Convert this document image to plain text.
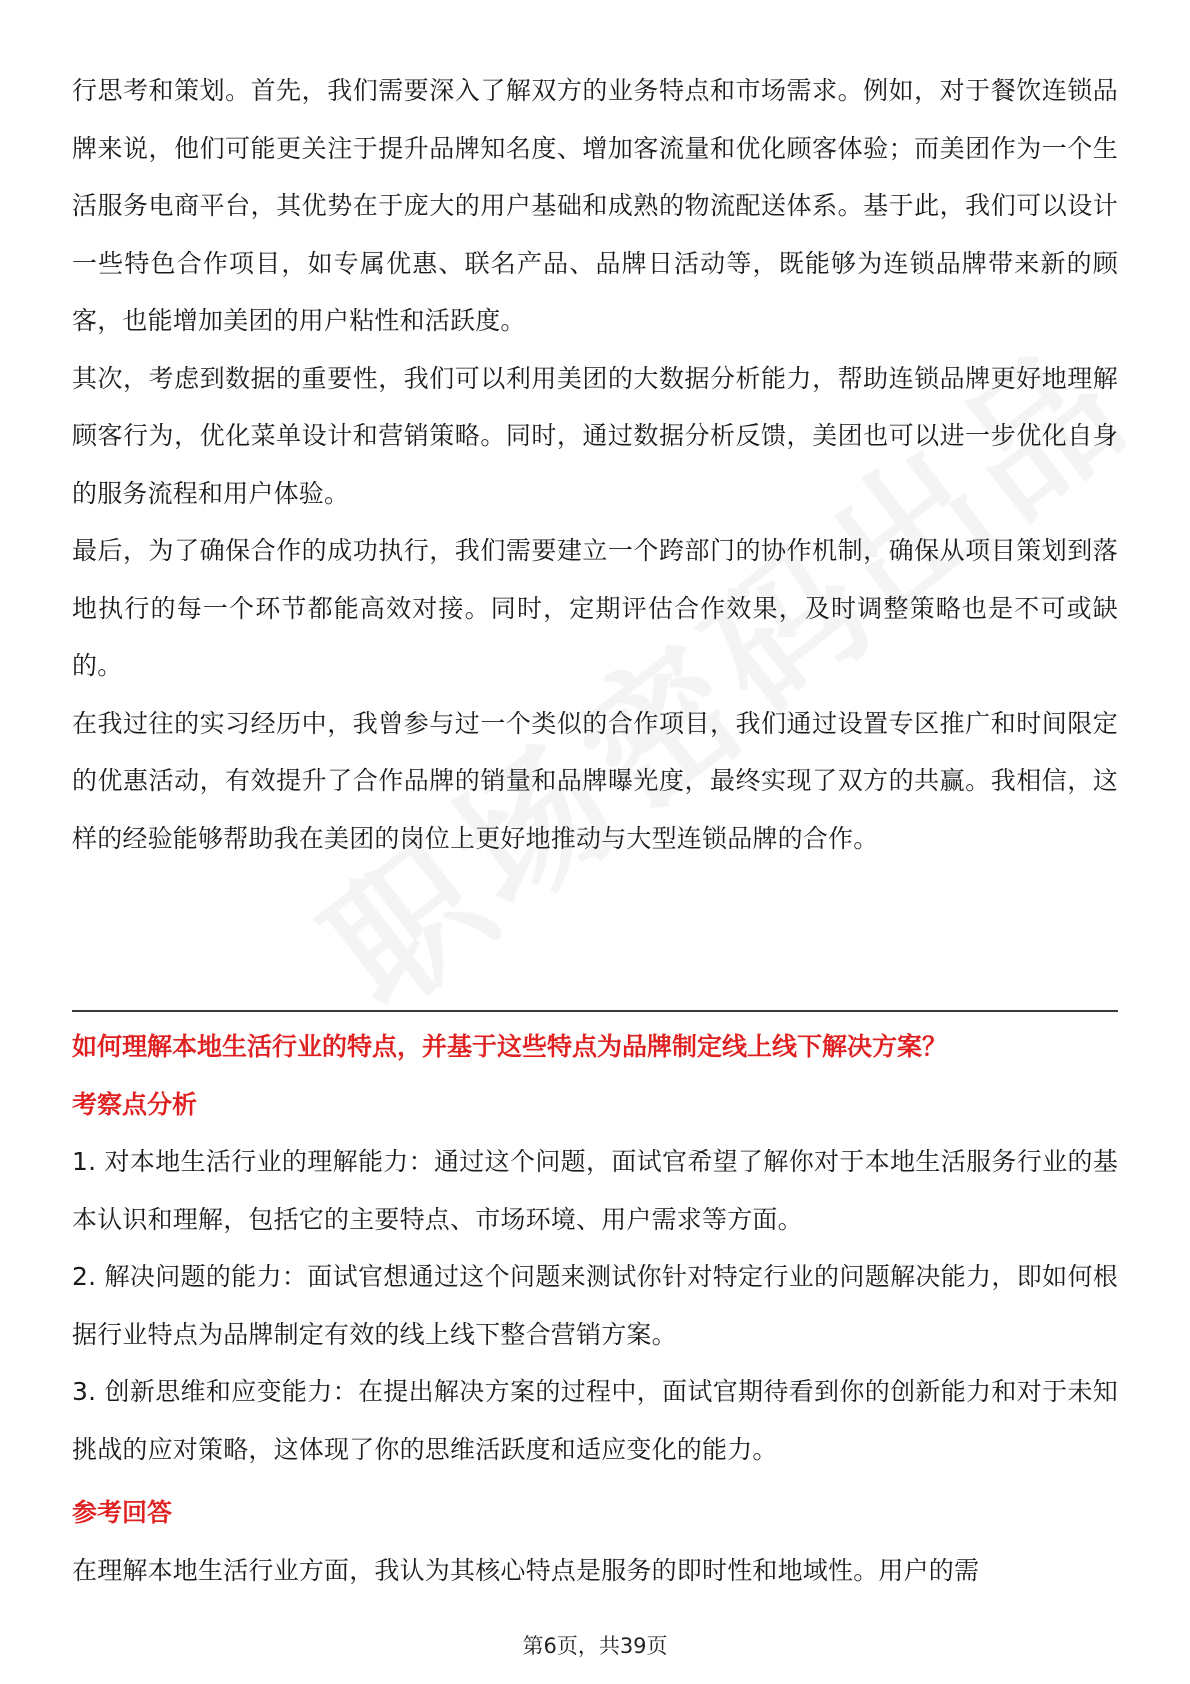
行思考和策划。首先，我们需要深入了解双方的业务特点和市场需求。例如，对于餐饮连锁品牌来说，他们可能更关注于提升品牌知名度、增加客流量和优化顾客体验；而美团作为一个生活服务电商平台，其优势在于庞大的用户基础和成熟的物流配送体系。基于此，我们可以设计一些特色合作项目，如专属优惠、联名产品、品牌日活动等，既能够为连锁品牌带来新的顾客，也能增加美团的用户粘性和活跃度。

其次，考虑到数据的重要性，我们可以利用美团的大数据分析能力，帮助连锁品牌更好地理解顾客行为，优化菜单设计和营销策略。同时，通过数据分析反馈，美团也可以进一步优化自身的服务流程和用户体验。

最后，为了确保合作的成功执行，我们需要建立一个跨部门的协作机制，确保从项目策划到落地执行的每一个环节都能高效对接。同时，定期评估合作效果，及时调整策略也是不可或缺的。

在我过往的实习经历中，我曾参与过一个类似的合作项目，我们通过设置专区推广和时间限定的优惠活动，有效提升了合作品牌的销量和品牌曝光度，最终实现了双方的共赢。我相信，这样的经验能够帮助我在美团的岗位上更好地推动与大型连锁品牌的合作。

如何理解本地生活行业的特点，并基于这些特点为品牌制定线上线下解决方案？

考察点分析

1. 对本地生活行业的理解能力：通过这个问题，面试官希望了解你对于本地生活服务行业的基本认识和理解，包括它的主要特点、市场环境、用户需求等方面。

2. 解决问题的能力：面试官想通过这个问题来测试你针对特定行业的问题解决能力，即如何根据行业特点为品牌制定有效的线上线下整合营销方案。

3. 创新思维和应变能力：在提出解决方案的过程中，面试官期待看到你的创新能力和对于未知挑战的应对策略，这体现了你的思维活跃度和适应变化的能力。

参考回答

在理解本地生活行业方面，我认为其核心特点是服务的即时性和地域性。用户的需

第6页，共39页
